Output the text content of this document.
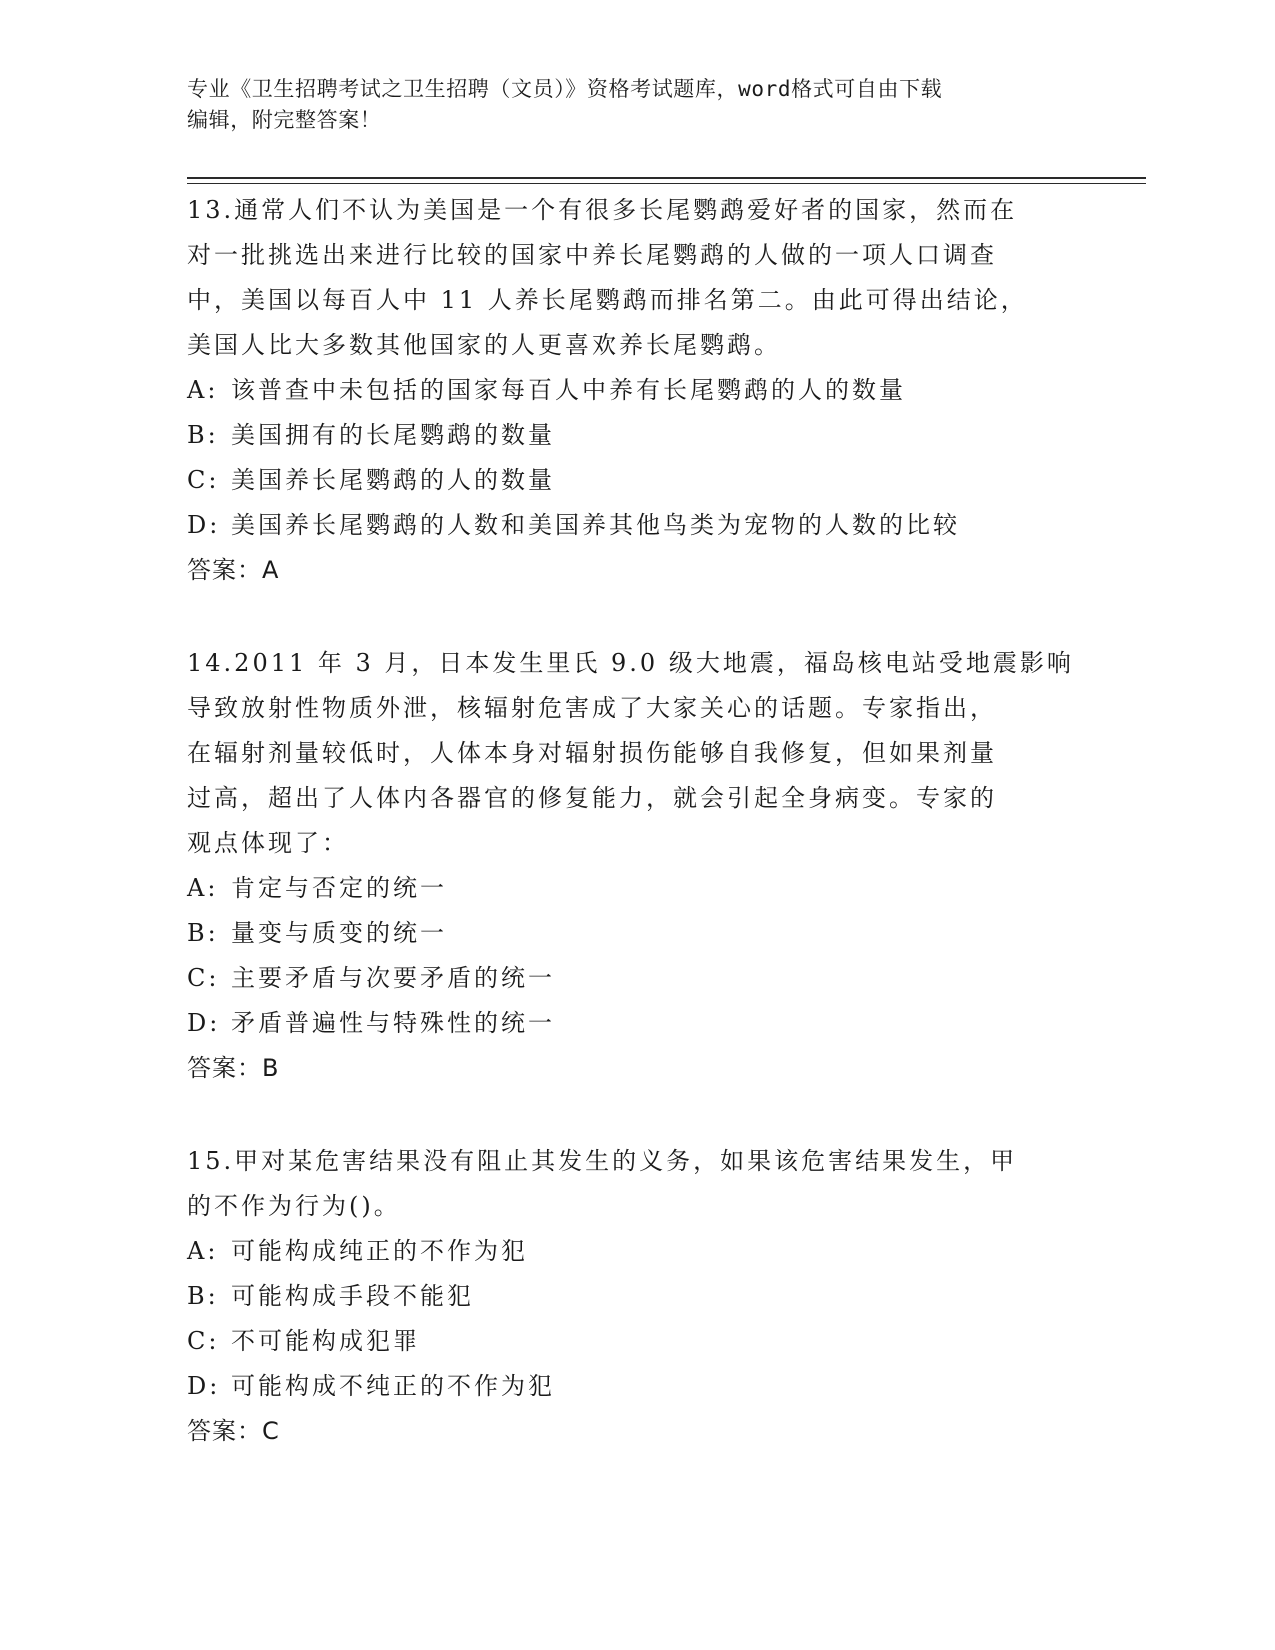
专业《卫生招聘考试之卫生招聘（文员）》资格考试题库，word格式可自由下载
编辑，附完整答案！
13.通常人们不认为美国是一个有很多长尾鹦鹉爱好者的国家，然而在
对一批挑选出来进行比较的国家中养长尾鹦鹉的人做的一项人口调查
中，美国以每百人中 11 人养长尾鹦鹉而排名第二。由此可得出结论，
美国人比大多数其他国家的人更喜欢养长尾鹦鹉。
A: 该普查中未包括的国家每百人中养有长尾鹦鹉的人的数量
B: 美国拥有的长尾鹦鹉的数量
C: 美国养长尾鹦鹉的人的数量
D: 美国养长尾鹦鹉的人数和美国养其他鸟类为宠物的人数的比较
答案：A
14.2011 年 3 月，日本发生里氏 9.0 级大地震，福岛核电站受地震影响
导致放射性物质外泄，核辐射危害成了大家关心的话题。专家指出，
在辐射剂量较低时，人体本身对辐射损伤能够自我修复，但如果剂量
过高，超出了人体内各器官的修复能力，就会引起全身病变。专家的
观点体现了：
A: 肯定与否定的统一
B: 量变与质变的统一
C: 主要矛盾与次要矛盾的统一
D: 矛盾普遍性与特殊性的统一
答案：B
15.甲对某危害结果没有阻止其发生的义务，如果该危害结果发生，甲
的不作为行为()。
A: 可能构成纯正的不作为犯
B: 可能构成手段不能犯
C: 不可能构成犯罪
D: 可能构成不纯正的不作为犯
答案：C
